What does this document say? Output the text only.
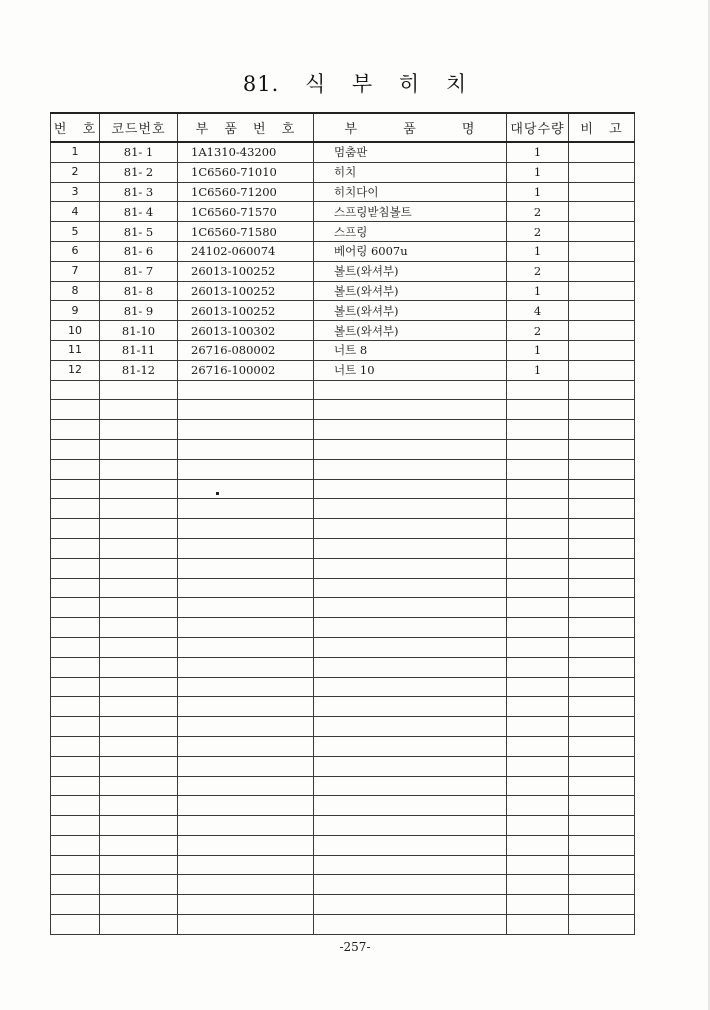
81. 식 부 히 치
번 호	코드번호	부 품 번 호	부 품 명	대당수량	비 고
1	81- 1	1A1310-43200	멈춤판	1	
2	81- 2	1C6560-71010	히치	1	
3	81- 3	1C6560-71200	히치다이	1	
4	81- 4	1C6560-71570	스프링받침볼트	2	
5	81- 5	1C6560-71580	스프링	2	
6	81- 6	24102-060074	베어링 6007u	1	
7	81- 7	26013-100252	볼트(와셔부)	2	
8	81- 8	26013-100252	볼트(와셔부)	1	
9	81- 9	26013-100252	볼트(와셔부)	4	
10	81-10	26013-100302	볼트(와셔부)	2	
11	81-11	26716-080002	너트 8	1	
12	81-12	26716-100002	너트 10	1	

-257-
